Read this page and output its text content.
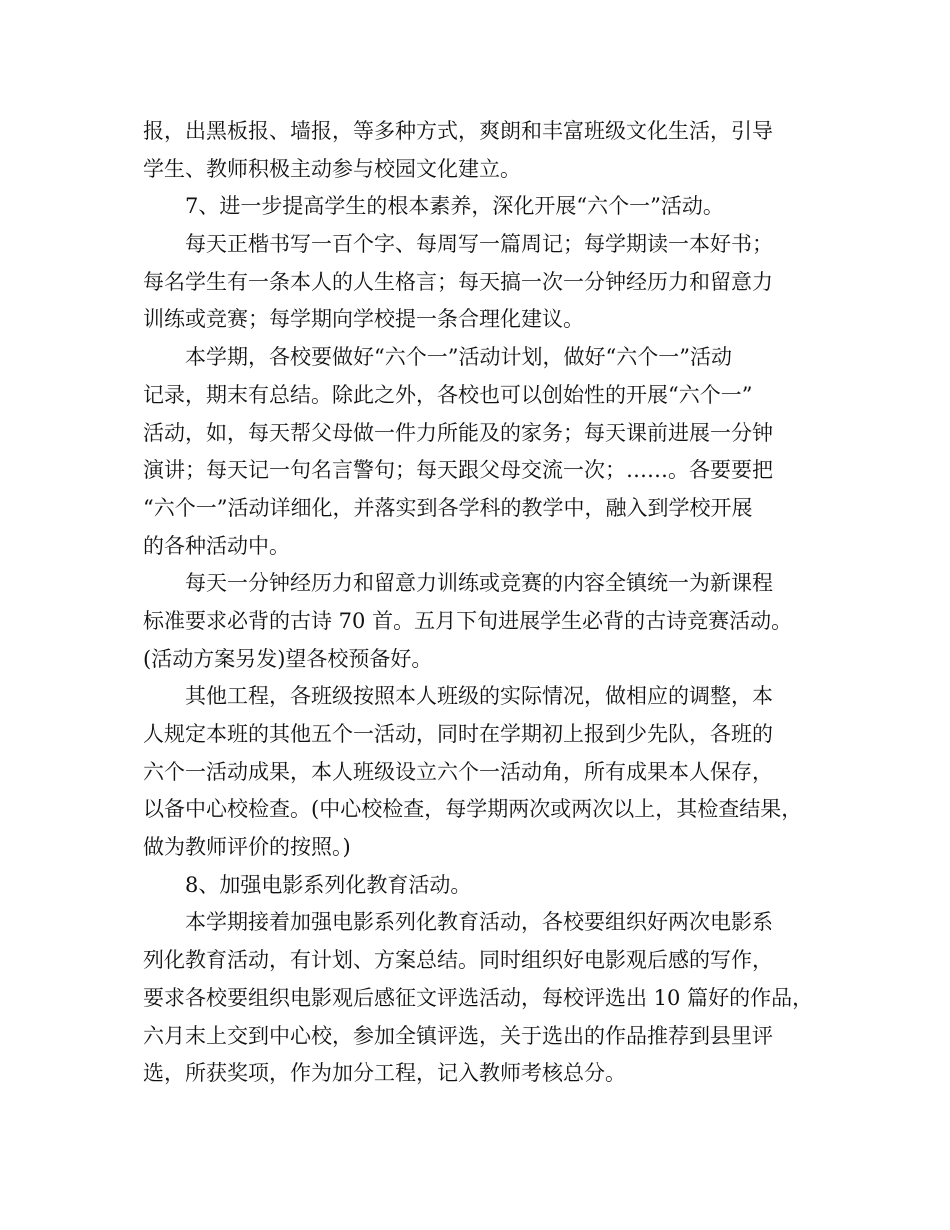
报，出黑板报、墙报，等多种方式，爽朗和丰富班级文化生活，引导
学生、教师积极主动参与校园文化建立。
7、进一步提高学生的根本素养，深化开展“六个一”活动。
每天正楷书写一百个字、每周写一篇周记；每学期读一本好书；
每名学生有一条本人的人生格言；每天搞一次一分钟经历力和留意力
训练或竞赛；每学期向学校提一条合理化建议。
本学期，各校要做好“六个一”活动计划，做好“六个一”活动
记录，期末有总结。除此之外，各校也可以创始性的开展“六个一”
活动，如，每天帮父母做一件力所能及的家务；每天课前进展一分钟
演讲；每天记一句名言警句；每天跟父母交流一次；……。各要要把
“六个一”活动详细化，并落实到各学科的教学中，融入到学校开展
的各种活动中。
每天一分钟经历力和留意力训练或竞赛的内容全镇统一为新课程
标准要求必背的古诗 70 首。五月下旬进展学生必背的古诗竞赛活动。
(活动方案另发)望各校预备好。
其他工程，各班级按照本人班级的实际情况，做相应的调整，本
人规定本班的其他五个一活动，同时在学期初上报到少先队，各班的
六个一活动成果，本人班级设立六个一活动角，所有成果本人保存，
以备中心校检查。(中心校检查，每学期两次或两次以上，其检查结果，
做为教师评价的按照。)
8、加强电影系列化教育活动。
本学期接着加强电影系列化教育活动，各校要组织好两次电影系
列化教育活动，有计划、方案总结。同时组织好电影观后感的写作，
要求各校要组织电影观后感征文评选活动，每校评选出 10 篇好的作品，
六月末上交到中心校，参加全镇评选，关于选出的作品推荐到县里评
选，所获奖项，作为加分工程，记入教师考核总分。
